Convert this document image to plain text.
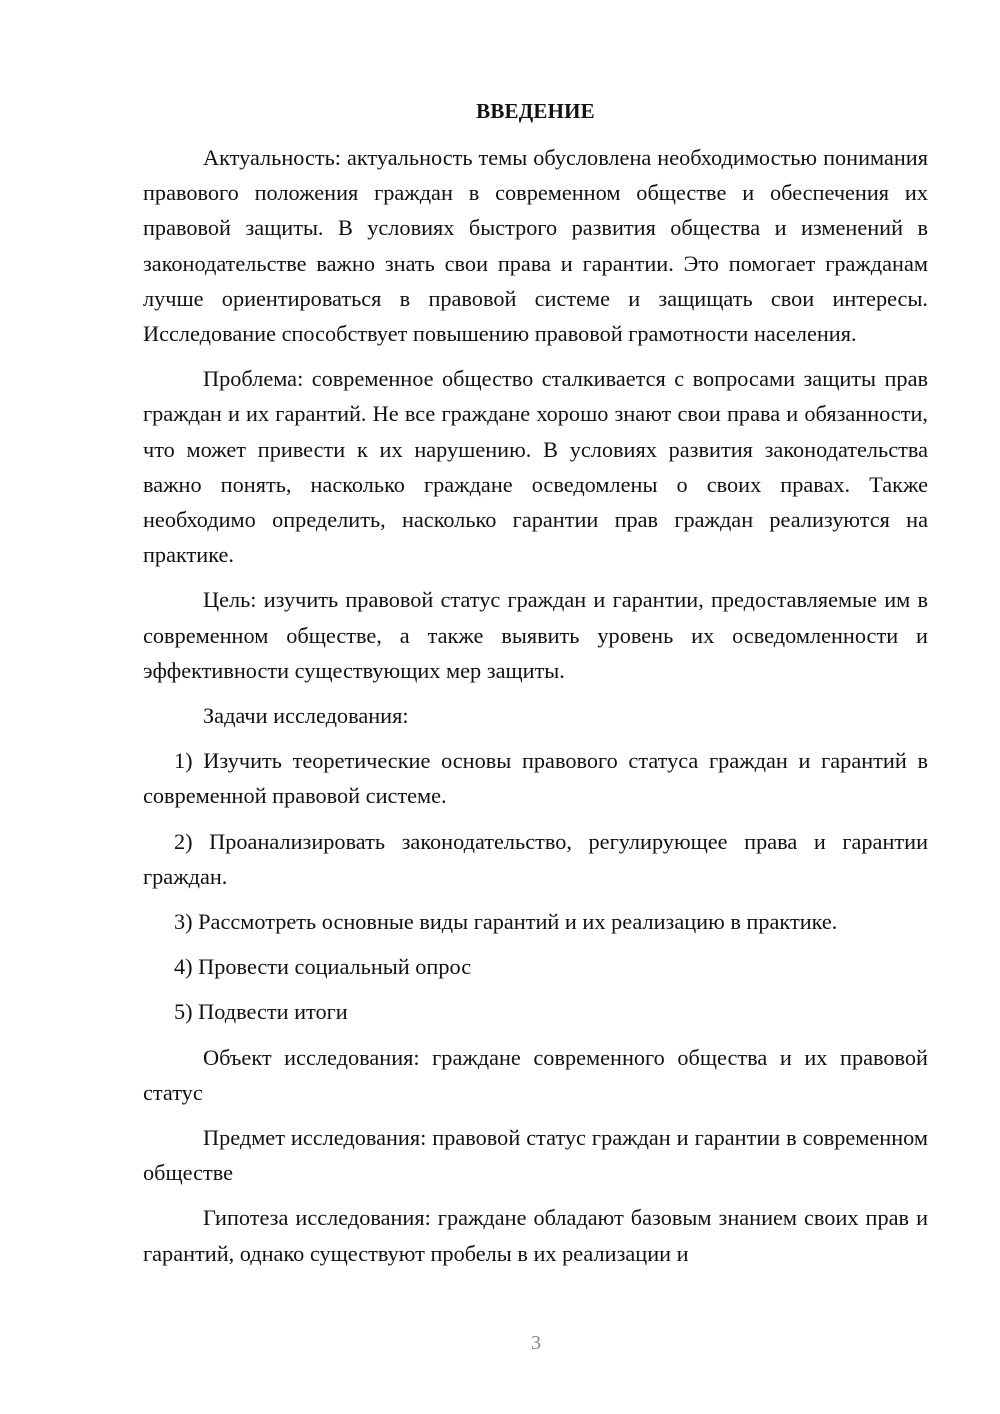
ВВЕДЕНИЕ
Актуальность: актуальность темы обусловлена необходимостью понимания правового положения граждан в современном обществе и обеспечения их правовой защиты. В условиях быстрого развития общества и изменений в законодательстве важно знать свои права и гарантии. Это помогает гражданам лучше ориентироваться в правовой системе и защищать свои интересы. Исследование способствует повышению правовой грамотности населения.
Проблема: современное общество сталкивается с вопросами защиты прав граждан и их гарантий. Не все граждане хорошо знают свои права и обязанности, что может привести к их нарушению. В условиях развития законодательства важно понять, насколько граждане осведомлены о своих правах. Также необходимо определить, насколько гарантии прав граждан реализуются на практике.
Цель: изучить правовой статус граждан и гарантии, предоставляемые им в современном обществе, а также выявить уровень их осведомленности и эффективности существующих мер защиты.
Задачи исследования:
1) Изучить теоретические основы правового статуса граждан и гарантий в современной правовой системе.
2) Проанализировать законодательство, регулирующее права и гарантии граждан.
3) Рассмотреть основные виды гарантий и их реализацию в практике.
4) Провести социальный опрос
5) Подвести итоги
Объект исследования: граждане современного общества и их правовой статус
Предмет исследования: правовой статус граждан и гарантии в современном обществе
Гипотеза исследования: граждане обладают базовым знанием своих прав и гарантий, однако существуют пробелы в их реализации и
3
